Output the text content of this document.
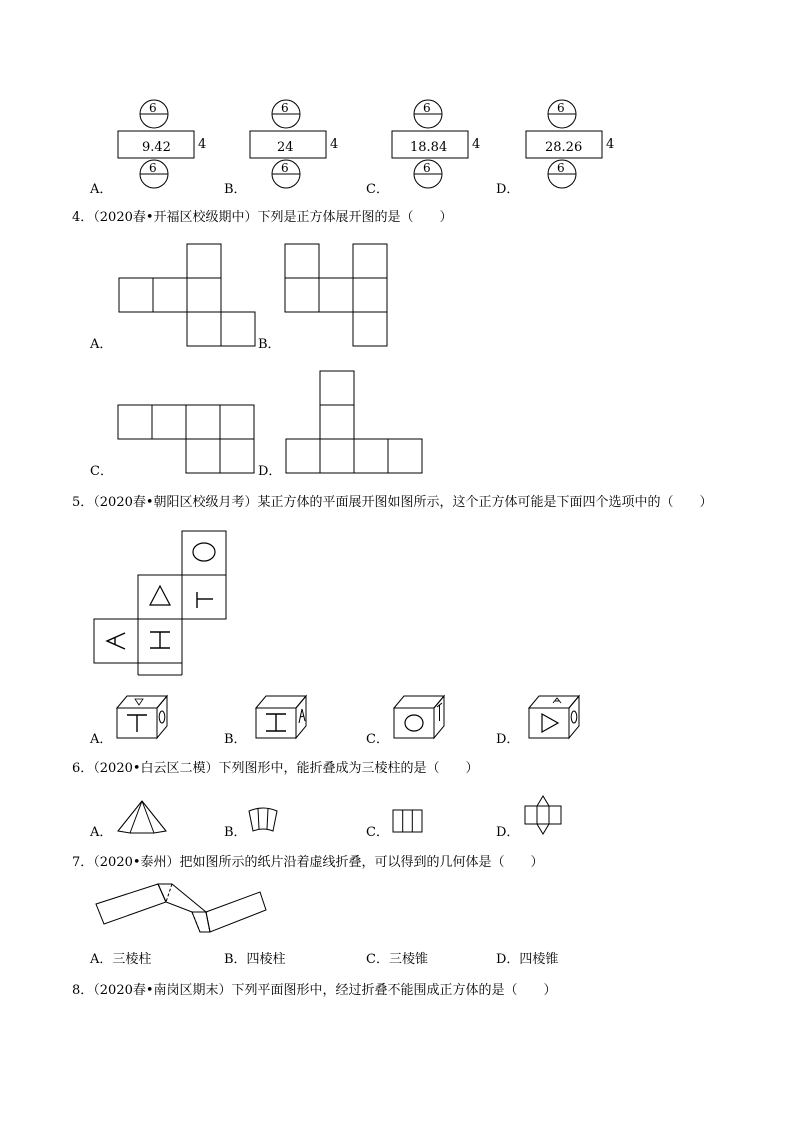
6
9.42 4
6
A．
6
24	4
6
B．
6
18.84 4
6
C．
6
28.26 4
6
D．
4．（2020春•开福区校级期中）下列是正方体展开图的是（　　）
A．	B．
C．	D．
5．（2020春•朝阳区校级月考）某正方体的平面展开图如图所示，这个正方体可能是下面四个选项中的（　　）
A．	B．	C．	D．
6．（2020•白云区二模）下列图形中，能折叠成为三棱柱的是（　　）
A．	B．	C．	D．
7．（2020•泰州）把如图所示的纸片沿着虚线折叠，可以得到的几何体是（　　）
A．三棱柱	B．四棱柱	C．三棱锥	D．四棱锥
8．（2020春•南岗区期末）下列平面图形中，经过折叠不能围成正方体的是（　　）
